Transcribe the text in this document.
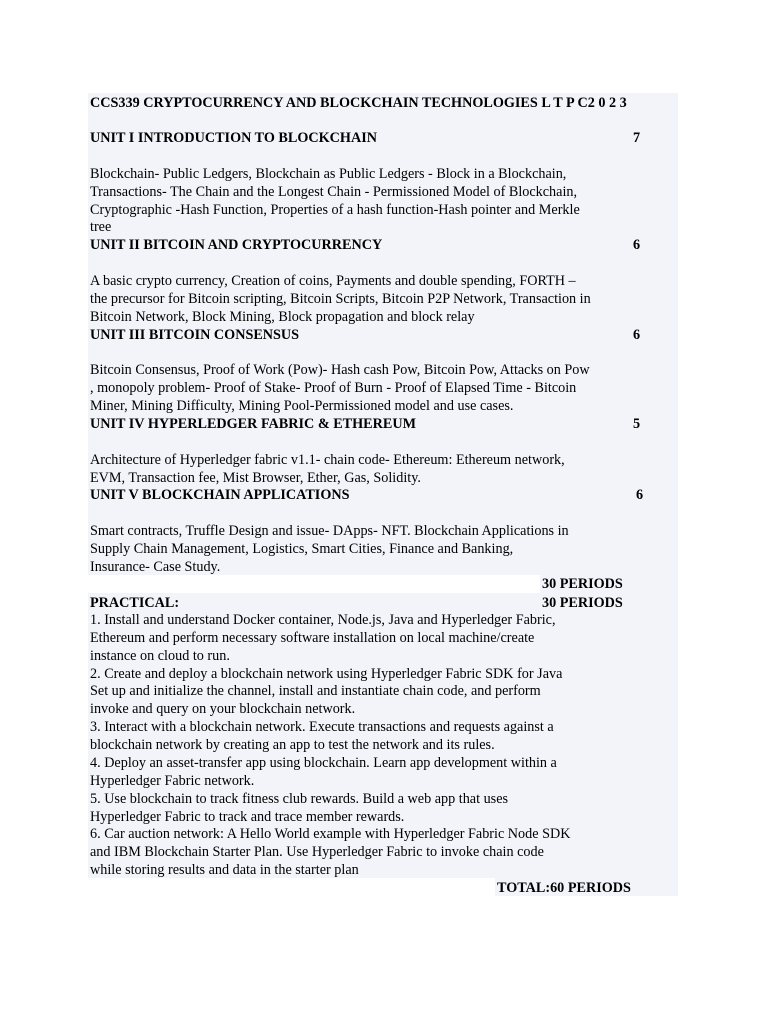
CCS339 CRYPTOCURRENCY AND BLOCKCHAIN TECHNOLOGIES L T P C2 0 2 3
UNIT I INTRODUCTION TO BLOCKCHAIN	7
Blockchain- Public Ledgers, Blockchain as Public Ledgers - Block in a Blockchain,
Transactions- The Chain and the Longest Chain - Permissioned Model of Blockchain,
Cryptographic -Hash Function, Properties of a hash function-Hash pointer and Merkle
tree
UNIT II BITCOIN AND CRYPTOCURRENCY	6
A basic crypto currency, Creation of coins, Payments and double spending, FORTH –
the precursor for Bitcoin scripting, Bitcoin Scripts, Bitcoin P2P Network, Transaction in
Bitcoin Network, Block Mining, Block propagation and block relay
UNIT III BITCOIN CONSENSUS	6
Bitcoin Consensus, Proof of Work (Pow)- Hash cash Pow, Bitcoin Pow, Attacks on Pow
, monopoly problem- Proof of Stake- Proof of Burn - Proof of Elapsed Time - Bitcoin
Miner, Mining Difficulty, Mining Pool-Permissioned model and use cases.
UNIT IV HYPERLEDGER FABRIC & ETHEREUM	5
Architecture of Hyperledger fabric v1.1- chain code- Ethereum: Ethereum network,
EVM, Transaction fee, Mist Browser, Ether, Gas, Solidity.
UNIT V BLOCKCHAIN APPLICATIONS	6
Smart contracts, Truffle Design and issue- DApps- NFT. Blockchain Applications in
Supply Chain Management, Logistics, Smart Cities, Finance and Banking,
Insurance- Case Study.
30 PERIODS
PRACTICAL:	30 PERIODS
1. Install and understand Docker container, Node.js, Java and Hyperledger Fabric,
Ethereum and perform necessary software installation on local machine/create
instance on cloud to run.
2. Create and deploy a blockchain network using Hyperledger Fabric SDK for Java
Set up and initialize the channel, install and instantiate chain code, and perform
invoke and query on your blockchain network.
3. Interact with a blockchain network. Execute transactions and requests against a
blockchain network by creating an app to test the network and its rules.
4. Deploy an asset-transfer app using blockchain. Learn app development within a
Hyperledger Fabric network.
5. Use blockchain to track fitness club rewards. Build a web app that uses
Hyperledger Fabric to track and trace member rewards.
6. Car auction network: A Hello World example with Hyperledger Fabric Node SDK
and IBM Blockchain Starter Plan. Use Hyperledger Fabric to invoke chain code
while storing results and data in the starter plan
TOTAL:60 PERIODS
